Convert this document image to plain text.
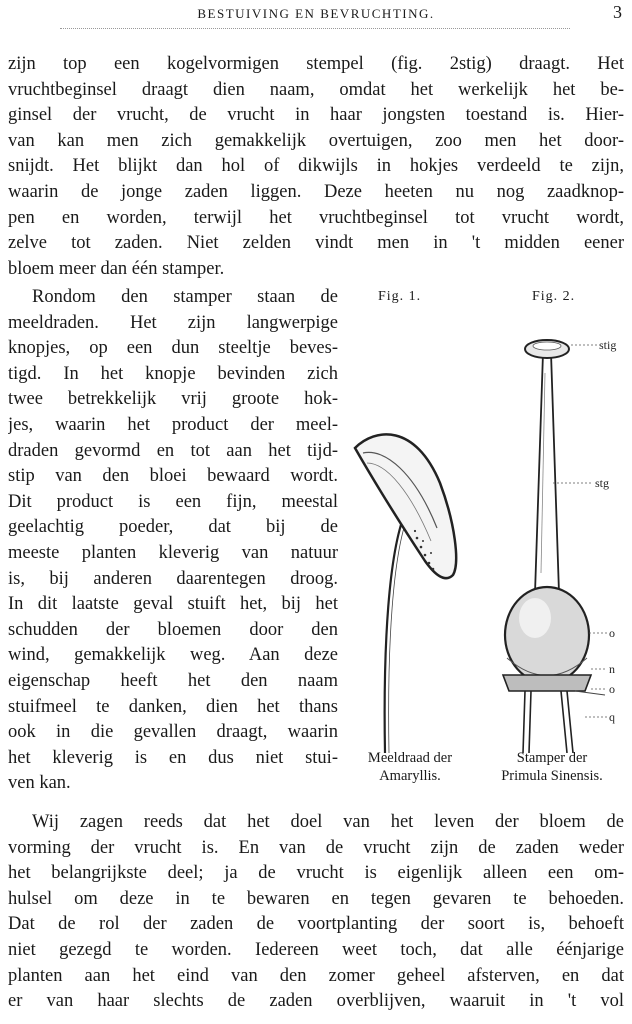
BESTUIVING EN BEVRUCHTING.	3
zijn top een kogelvormigen stempel (fig. 2stig) draagt. Het
vruchtbeginsel draagt dien naam, omdat het werkelijk het be-
ginsel der vrucht, de vrucht in haar jongsten toestand is. Hier-
van kan men zich gemakkelijk overtuigen, zoo men het door-
snijdt. Het blijkt dan hol of dikwijls in hokjes verdeeld te zijn,
waarin de jonge zaden liggen. Deze heeten nu nog zaadknop-
pen en worden, terwijl het vruchtbeginsel tot vrucht wordt,
zelve tot zaden. Niet zelden vindt men in 't midden eener
bloem meer dan één stamper.
Rondom den stamper staan de
meeldraden. Het zijn langwerpige
knopjes, op een dun steeltje beves-
tigd. In het knopje bevinden zich
twee betrekkelijk vrij groote hok-
jes, waarin het product der meel-
draden gevormd en tot aan het tijd-
stip van den bloei bewaard wordt.
Dit product is een fijn, meestal
geelachtig poeder, dat bij de
meeste planten kleverig van natuur
is, bij anderen daarentegen droog.
In dit laatste geval stuift het, bij het
schudden der bloemen door den
wind, gemakkelijk weg. Aan deze
eigenschap heeft het den naam
stuifmeel te danken, dien het thans
ook in die gevallen draagt, waarin
het kleverig is en dus niet stui-
ven kan.
Fig. 1.	Fig. 2.
stig
stg
o
n
o
q
Meeldraad der
Amaryllis.
Stamper der
Primula Sinensis.
Wij zagen reeds dat het doel van het leven der bloem de
vorming der vrucht is. En van de vrucht zijn de zaden weder
het belangrijkste deel; ja de vrucht is eigenlijk alleen een om-
hulsel om deze in te bewaren en tegen gevaren te behoeden.
Dat de rol der zaden de voortplanting der soort is, behoeft
niet gezegd te worden. Iedereen weet toch, dat alle éénjarige
planten aan het eind van den zomer geheel afsterven, en dat
er van haar slechts de zaden overblijven, waaruit in 't vol
